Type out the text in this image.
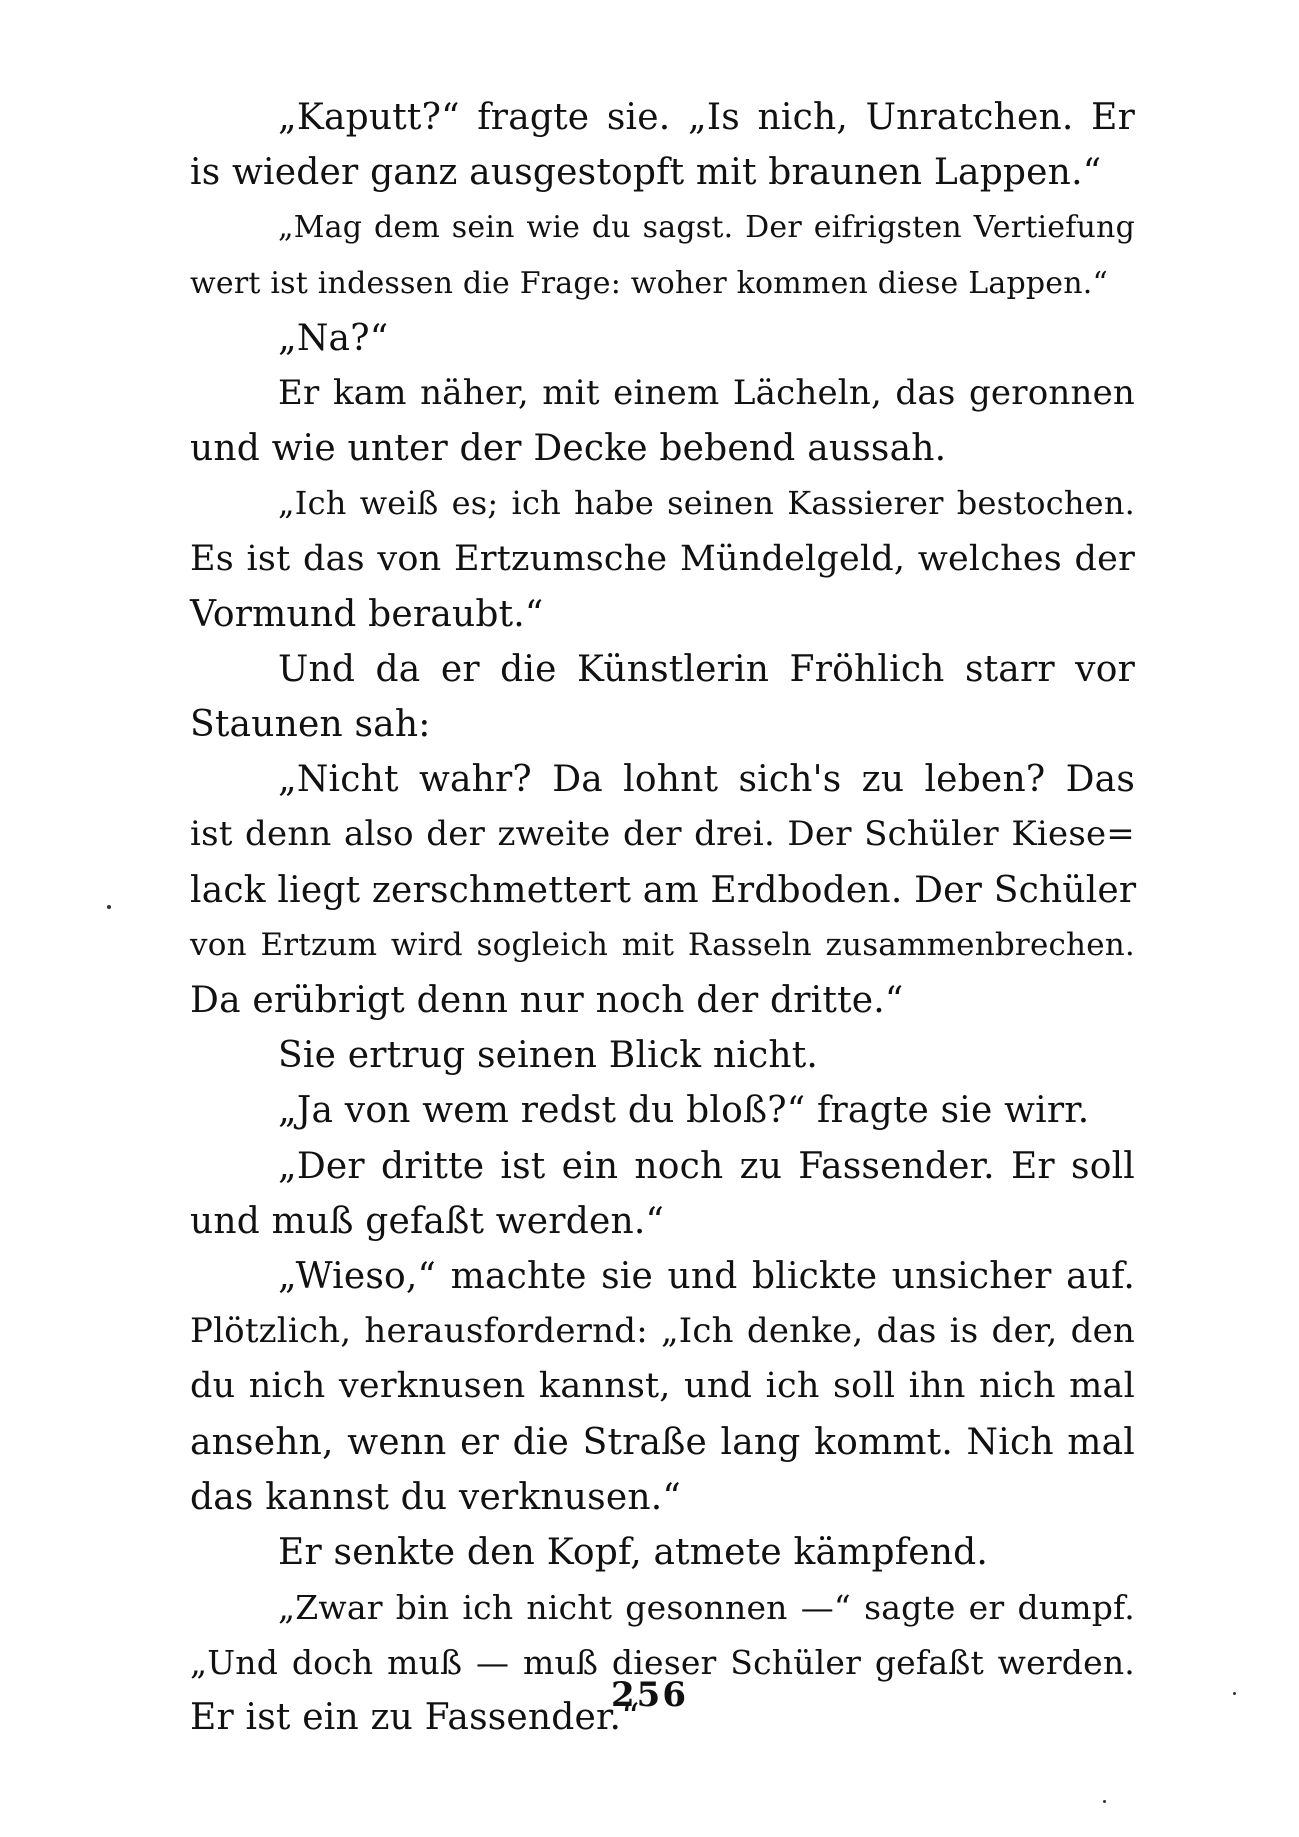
„Kaputt?“ fragte sie. „Is nich, Unratchen. Er
is wieder ganz ausgestopft mit braunen Lappen.“
„Mag dem sein wie du sagst. Der eifrigsten Vertiefung
wert ist indessen die Frage: woher kommen diese Lappen.“
„Na?“
Er kam näher, mit einem Lächeln, das geronnen
und wie unter der Decke bebend aussah.
„Ich weiß es; ich habe seinen Kassierer bestochen.
Es ist das von Ertzumsche Mündelgeld, welches der
Vormund beraubt.“
Und da er die Künstlerin Fröhlich starr vor
Staunen sah:
„Nicht wahr? Da lohnt sich's zu leben? Das
ist denn also der zweite der drei. Der Schüler Kiese=
lack liegt zerschmettert am Erdboden. Der Schüler
von Ertzum wird sogleich mit Rasseln zusammenbrechen.
Da erübrigt denn nur noch der dritte.“
Sie ertrug seinen Blick nicht.
„Ja von wem redst du bloß?“ fragte sie wirr.
„Der dritte ist ein noch zu Fassender. Er soll
und muß gefaßt werden.“
„Wieso,“ machte sie und blickte unsicher auf.
Plötzlich, herausfordernd: „Ich denke, das is der, den
du nich verknusen kannst, und ich soll ihn nich mal
ansehn, wenn er die Straße lang kommt. Nich mal
das kannst du verknusen.“
Er senkte den Kopf, atmete kämpfend.
„Zwar bin ich nicht gesonnen —“ sagte er dumpf.
„Und doch muß — muß dieser Schüler gefaßt werden.
Er ist ein zu Fassender.“
256
